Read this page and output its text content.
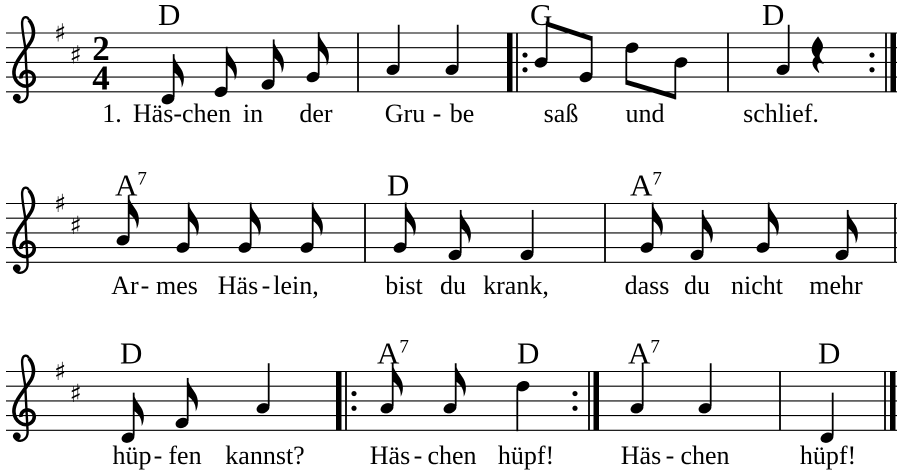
♯
♯ 2
4
D	G	D
1. Häs-chen in der Gru - be	saß und	schlief.
♯
♯
$A^7$	D	$A^7$
Ar - mes Häs - lein,	bist du krank,	dass du nicht mehr
♯
♯
D	$A^7$	D	$A^7$	D
hüp - fen kannst?	Häs - chen hüpf!	Häs - chen	hüpf!
